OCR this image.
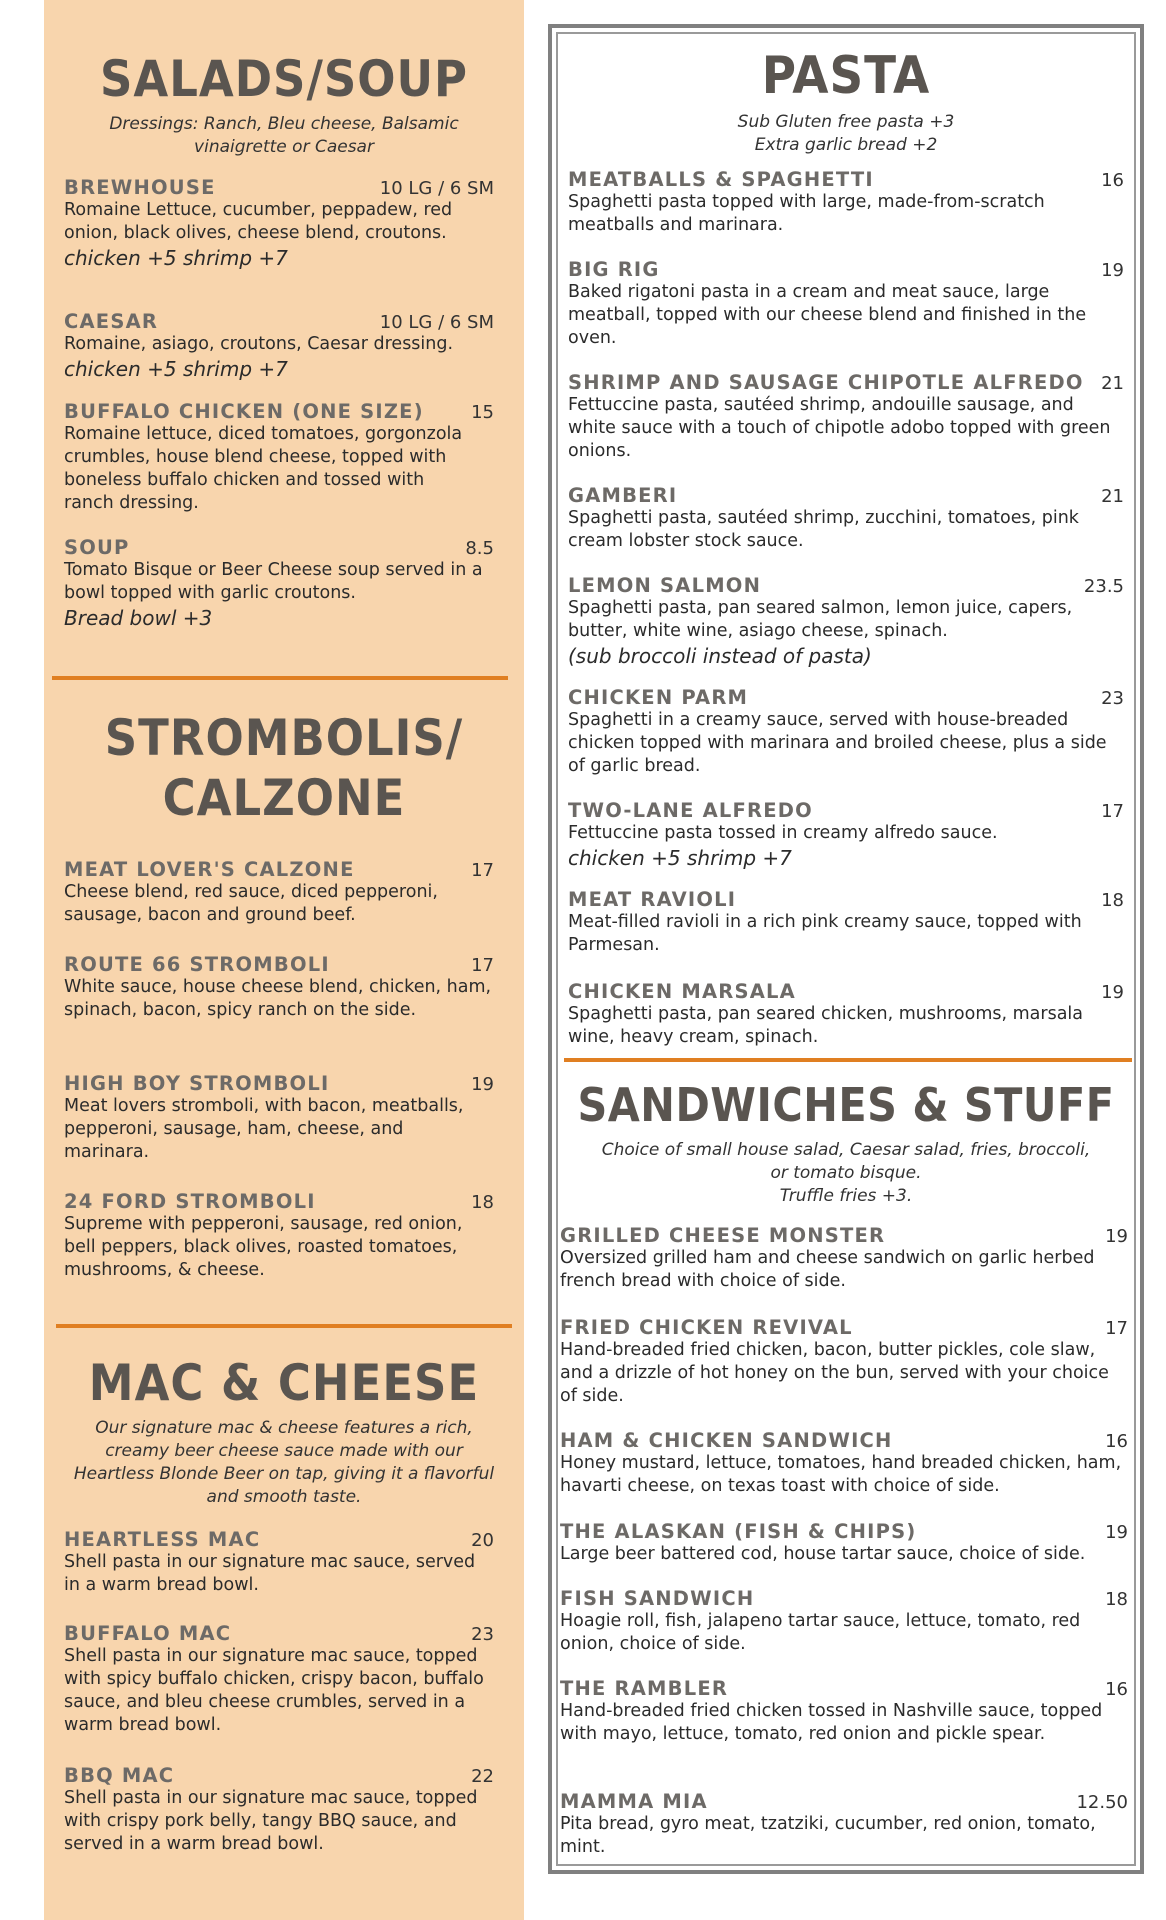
SALADS/SOUP
Dressings: Ranch, Bleu cheese, Balsamic vinaigrette or Caesar
BREWHOUSE	10 LG / 6 SM
Romaine Lettuce, cucumber, peppadew, red onion, black olives, cheese blend, croutons.
chicken +5 shrimp +7
CAESAR	10 LG / 6 SM
Romaine, asiago, croutons, Caesar dressing.
chicken +5 shrimp +7
BUFFALO CHICKEN (ONE SIZE)	15
Romaine lettuce, diced tomatoes, gorgonzola crumbles, house blend cheese, topped with boneless buffalo chicken and tossed with ranch dressing.
SOUP	8.5
Tomato Bisque or Beer Cheese soup served in a bowl topped with garlic croutons.
Bread bowl +3
STROMBOLIS/
CALZONE
MEAT LOVER'S CALZONE	17
Cheese blend, red sauce, diced pepperoni, sausage, bacon and ground beef.
ROUTE 66 STROMBOLI	17
White sauce, house cheese blend, chicken, ham, spinach, bacon, spicy ranch on the side.
HIGH BOY STROMBOLI	19
Meat lovers stromboli, with bacon, meatballs, pepperoni, sausage, ham, cheese, and marinara.
24 FORD STROMBOLI	18
Supreme with pepperoni, sausage, red onion, bell peppers, black olives, roasted tomatoes, mushrooms, & cheese.
MAC & CHEESE
Our signature mac & cheese features a rich, creamy beer cheese sauce made with our Heartless Blonde Beer on tap, giving it a flavorful and smooth taste.
HEARTLESS MAC	20
Shell pasta in our signature mac sauce, served in a warm bread bowl.
BUFFALO MAC	23
Shell pasta in our signature mac sauce, topped with spicy buffalo chicken, crispy bacon, buffalo sauce, and bleu cheese crumbles, served in a warm bread bowl.
BBQ MAC	22
Shell pasta in our signature mac sauce, topped with crispy pork belly, tangy BBQ sauce, and served in a warm bread bowl.
PASTA
Sub Gluten free pasta +3
Extra garlic bread +2
MEATBALLS & SPAGHETTI	16
Spaghetti pasta topped with large, made-from-scratch meatballs and marinara.
BIG RIG	19
Baked rigatoni pasta in a cream and meat sauce, large meatball, topped with our cheese blend and finished in the oven.
SHRIMP AND SAUSAGE CHIPOTLE ALFREDO 21
Fettuccine pasta, sautéed shrimp, andouille sausage, and white sauce with a touch of chipotle adobo topped with green onions.
GAMBERI	21
Spaghetti pasta, sautéed shrimp, zucchini, tomatoes, pink cream lobster stock sauce.
LEMON SALMON	23.5
Spaghetti pasta, pan seared salmon, lemon juice, capers, butter, white wine, asiago cheese, spinach.
(sub broccoli instead of pasta)
CHICKEN PARM	23
Spaghetti in a creamy sauce, served with house-breaded chicken topped with marinara and broiled cheese, plus a side of garlic bread.
TWO-LANE ALFREDO	17
Fettuccine pasta tossed in creamy alfredo sauce.
chicken +5 shrimp +7
MEAT RAVIOLI	18
Meat-filled ravioli in a rich pink creamy sauce, topped with Parmesan.
CHICKEN MARSALA	19
Spaghetti pasta, pan seared chicken, mushrooms, marsala wine, heavy cream, spinach.
SANDWICHES & STUFF
Choice of small house salad, Caesar salad, fries, broccoli, or tomato bisque.
Truffle fries +3.
GRILLED CHEESE MONSTER	19
Oversized grilled ham and cheese sandwich on garlic herbed french bread with choice of side.
FRIED CHICKEN REVIVAL	17
Hand-breaded fried chicken, bacon, butter pickles, cole slaw, and a drizzle of hot honey on the bun, served with your choice of side.
HAM & CHICKEN SANDWICH	16
Honey mustard, lettuce, tomatoes, hand breaded chicken, ham, havarti cheese, on texas toast with choice of side.
THE ALASKAN (FISH & CHIPS)	19
Large beer battered cod, house tartar sauce, choice of side.
FISH SANDWICH	18
Hoagie roll, fish, jalapeno tartar sauce, lettuce, tomato, red onion, choice of side.
THE RAMBLER	16
Hand-breaded fried chicken tossed in Nashville sauce, topped with mayo, lettuce, tomato, red onion and pickle spear.
MAMMA MIA	12.50
Pita bread, gyro meat, tzatziki, cucumber, red onion, tomato, mint.
